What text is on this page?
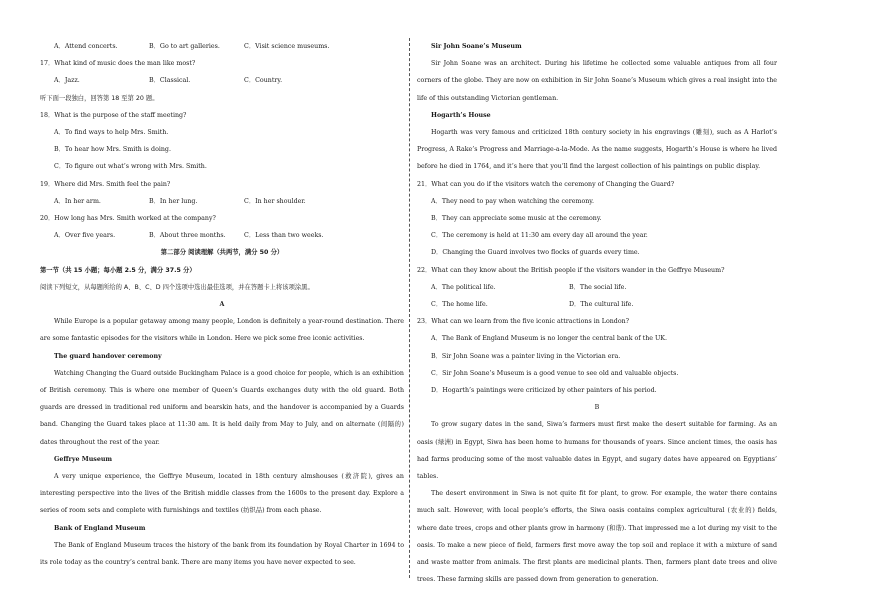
A．Attend concerts.	B．Go to art galleries.	C．Visit science museums.

17．What kind of music does the man like most?

A．Jazz.	B．Classical.	C．Country.

听下面一段独白，回答第 18 至第 20 题。

18．What is the purpose of the staff meeting?

A．To find ways to help Mrs. Smith.

B．To hear how Mrs. Smith is doing.

C．To figure out what’s wrong with Mrs. Smith.

19．Where did Mrs. Smith feel the pain?

A．In her arm.	B．In her lung.	C．In her shoulder.

20．How long has Mrs. Smith worked at the company?

A．Over five years.	B．About three months.	C．Less than two weeks.

第二部分 阅读理解（共两节，满分 50 分）

第一节（共 15 小题；每小题 2.5 分，满分 37.5 分）

阅读下列短文，从每题所给的 A、B、C、D 四个选项中选出最佳选项，并在答题卡上将该项涂黑。

A

While Europe is a popular getaway among many people, London is definitely a year-round destination. There are some fantastic episodes for the visitors while in London. Here we pick some free iconic activities.

The guard handover ceremony

Watching Changing the Guard outside Buckingham Palace is a good choice for people, which is an exhibition of British ceremony. This is where one member of Queen’s Guards exchanges duty with the old guard. Both guards are dressed in traditional red uniform and bearskin hats, and the handover is accompanied by a Guards band. Changing the Guard takes place at 11:30 am. It is held daily from May to July, and on alternate (间隔的) dates throughout the rest of the year.

Geffrye Museum

A very unique experience, the Geffrye Museum, located in 18th century almshouses (救济院), gives an interesting perspective into the lives of the British middle classes from the 1600s to the present day. Explore a series of room sets and complete with furnishings and textiles (纺织品) from each phase.

Bank of England Museum

The Bank of England Museum traces the history of the bank from its foundation by Royal Charter in 1694 to its role today as the country’s central bank. There are many items you have never expected to see.

Sir John Soane’s Museum

Sir John Soane was an architect. During his lifetime he collected some valuable antiques from all four corners of the globe. They are now on exhibition in Sir John Soane’s Museum which gives a real insight into the life of this outstanding Victorian gentleman.

Hogarth’s House

Hogarth was very famous and criticized 18th century society in his engravings (雕刻), such as A Harlot’s Progress, A Rake’s Progress and Marriage-a-la-Mode. As the name suggests, Hogarth’s House is where he lived before he died in 1764, and it’s here that you’ll find the largest collection of his paintings on public display.

21．What can you do if the visitors watch the ceremony of Changing the Guard?

A．They need to pay when watching the ceremony.

B．They can appreciate some music at the ceremony.

C．The ceremony is held at 11:30 am every day all around the year.

D．Changing the Guard involves two flocks of guards every time.

22．What can they know about the British people if the visitors wander in the Geffrye Museum?

A．The political life.	B．The social life.
C．The home life.	D．The cultural life.

23．What can we learn from the five iconic attractions in London?

A．The Bank of England Museum is no longer the central bank of the UK.

B．Sir John Soane was a painter living in the Victorian era.

C．Sir John Soane’s Museum is a good venue to see old and valuable objects.

D．Hogarth’s paintings were criticized by other painters of his period.

B

To grow sugary dates in the sand, Siwa’s farmers must first make the desert suitable for farming. As an oasis (绿洲) in Egypt, Siwa has been home to humans for thousands of years. Since ancient times, the oasis has had farms producing some of the most valuable dates in Egypt, and sugary dates have appeared on Egyptians’ tables.

The desert environment in Siwa is not quite fit for plant, to grow. For example, the water there contains much salt. However, with local people’s efforts, the Siwa oasis contains complex agricultural (农业的) fields, where date trees, crops and other plants grow in harmony (和谐). That impressed me a lot during my visit to the oasis. To make a new piece of field, farmers first move away the top soil and replace it with a mixture of sand and waste matter from animals. The first plants are medicinal plants. Then, farmers plant date trees and olive trees. These farming skills are passed down from generation to generation.
